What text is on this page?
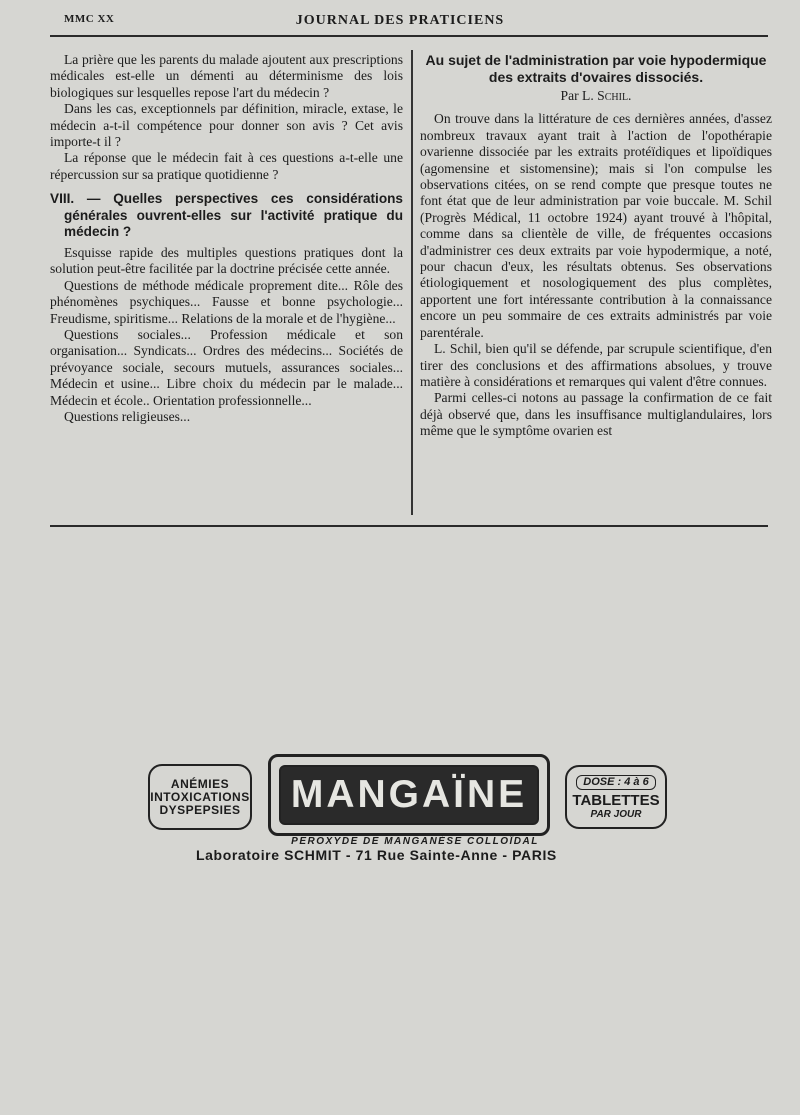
MMC XX	JOURNAL DES PRATICIENS

La prière que les parents du malade ajoutent aux prescriptions médicales est-elle un démenti au déterminisme des lois biologiques sur lesquelles repose l'art du médecin ?

Dans les cas, exceptionnels par définition, miracle, extase, le médecin a-t-il compétence pour donner son avis ? Cet avis importe-t il ?

La réponse que le médecin fait à ces questions a-t-elle une répercussion sur sa pratique quotidienne ?

VIII. — Quelles perspectives ces considérations générales ouvrent-elles sur l'activité pratique du médecin ?

Esquisse rapide des multiples questions pratiques dont la solution peut-être facilitée par la doctrine précisée cette année.

Questions de méthode médicale proprement dite... Rôle des phénomènes psychiques... Fausse et bonne psychologie... Freudisme, spiritisme... Relations de la morale et de l'hygiène...

Questions sociales... Profession médicale et son organisation... Syndicats... Ordres des médecins... Sociétés de prévoyance sociale, secours mutuels, assurances sociales... Médecin et usine... Libre choix du médecin par le malade... Médecin et école.. Orientation professionnelle...

Questions religieuses...

Au sujet de l'administration par voie hypodermique des extraits d'ovaires dissociés.
Par L. Schil.

On trouve dans la littérature de ces dernières années, d'assez nombreux travaux ayant trait à l'action de l'opothérapie ovarienne dissociée par les extraits protéïdiques et lipoïdiques (agomensine et sistomensine); mais si l'on compulse les observations citées, on se rend compte que presque toutes ne font état que de leur administration par voie buccale. M. Schil (Progrès Médical, 11 octobre 1924) ayant trouvé à l'hôpital, comme dans sa clientèle de ville, de fréquentes occasions d'administrer ces deux extraits par voie hypodermique, a noté, pour chacun d'eux, les résultats obtenus. Ses observations étiologiquement et nosologiquement des plus complètes, apportent une fort intéressante contribution à la connaissance encore un peu sommaire de ces extraits administrés par voie parentérale.

L. Schil, bien qu'il se défende, par scrupule scientifique, d'en tirer des conclusions et des affirmations absolues, y trouve matière à considérations et remarques qui valent d'être connues.

Parmi celles-ci notons au passage la confirmation de ce fait déjà observé que, dans les insuffisance multiglandulaires, lors même que le symptôme ovarien est

ANÉMIES
INTOXICATIONS
DYSPEPSIES MANGAÏNE	DOSE : 4 à 6
TABLETTES
PAR JOUR
PEROXYDE DE MANGANÈSE COLLOÏDAL
Laboratoire SCHMIT - 71 Rue Sainte-Anne - PARIS
